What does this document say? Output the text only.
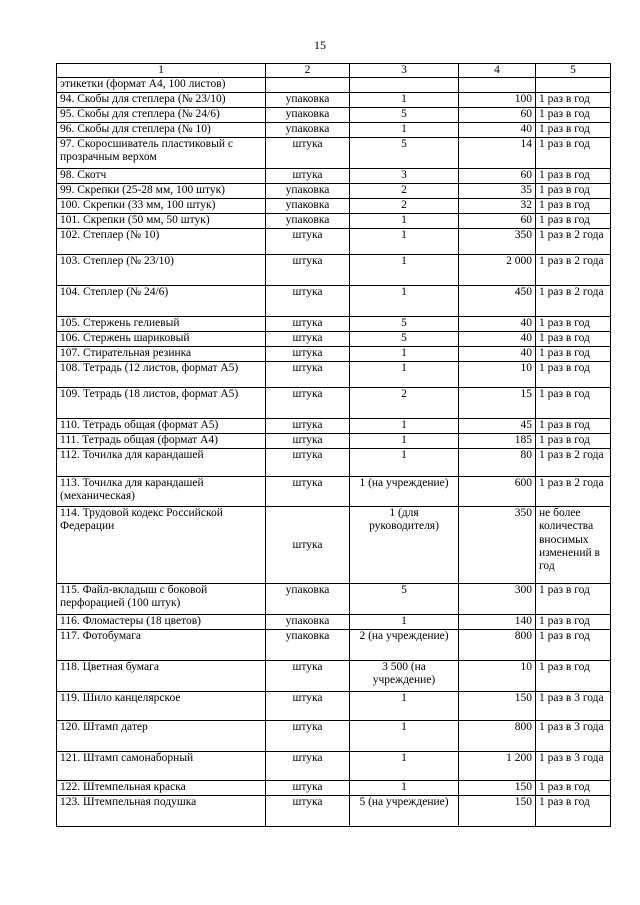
15
1	2	3	4	5
этикетки (формат А4, 100 листов)				
94. Скобы для степлера (№ 23/10)	упаковка	1	100	1 раз в год
95. Скобы для степлера (№ 24/6)	упаковка	5	60	1 раз в год
96. Скобы для степлера (№ 10)	упаковка	1	40	1 раз в год
97. Скоросшиватель пластиковый с прозрачным верхом	штука	5	14	1 раз в год
98. Скотч	штука	3	60	1 раз в год
99. Скрепки (25-28 мм, 100 штук)	упаковка	2	35	1 раз в год
100. Скрепки (33 мм, 100 штук)	упаковка	2	32	1 раз в год
101. Скрепки (50 мм, 50 штук)	упаковка	1	60	1 раз в год
102. Степлер (№ 10)	штука	1	350	1 раз в 2 года
103. Степлер (№ 23/10)	штука	1	2 000	1 раз в 2 года
104. Степлер (№ 24/6)	штука	1	450	1 раз в 2 года
105. Стержень гелиевый	штука	5	40	1 раз в год
106. Стержень шариковый	штука	5	40	1 раз в год
107. Стирательная резинка	штука	1	40	1 раз в год
108. Тетрадь (12 листов, формат А5)	штука	1	10	1 раз в год
109. Тетрадь (18 листов, формат А5)	штука	2	15	1 раз в год
110. Тетрадь общая (формат А5)	штука	1	45	1 раз в год
111. Тетрадь общая (формат А4)	штука	1	185	1 раз в год
112. Точилка для карандашей	штука	1	80	1 раз в 2 года
113. Точилка для карандашей (механическая)	штука	1 (на учреждение)	600	1 раз в 2 года
114. Трудовой кодекс Российской Федерации	штука	1 (для руководителя)	350	не более количества вносимых изменений в год
115. Файл-вкладыш с боковой перфорацией (100 штук)	упаковка	5	300	1 раз в год
116. Фломастеры (18 цветов)	упаковка	1	140	1 раз в год
117. Фотобумага	упаковка	2 (на учреждение)	800	1 раз в год
118. Цветная бумага	штука	3 500 (на учреждение)	10	1 раз в год
119. Шило канцелярское	штука	1	150	1 раз в 3 года
120. Штамп датер	штука	1	800	1 раз в 3 года
121. Штамп самонаборный	штука	1	1 200	1 раз в 3 года
122. Штемпельная краска	штука	1	150	1 раз в год
123. Штемпельная подушка	штука	5 (на учреждение)	150	1 раз в год
